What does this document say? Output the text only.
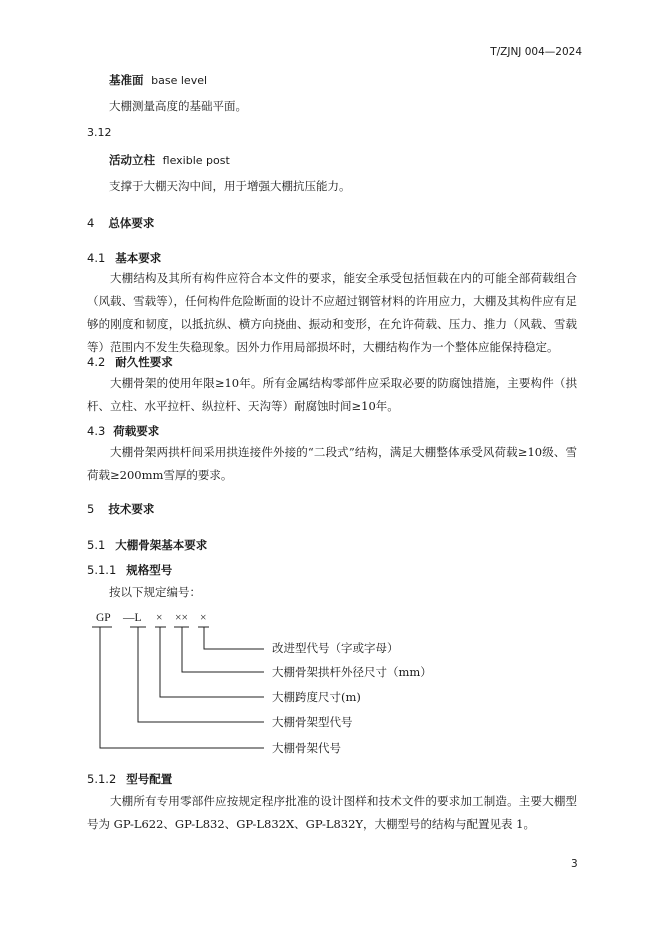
T/ZJNJ 004—2024
基准面 base level
大棚测量高度的基础平面。
3.12
活动立柱 flexible post
支撑于大棚天沟中间，用于增强大棚抗压能力。
4 总体要求
4.1 基本要求
大棚结构及其所有构件应符合本文件的要求，能安全承受包括恒载在内的可能全部荷载组合（风载、雪载等），任何构件危险断面的设计不应超过钢管材料的许用应力，大棚及其构件应有足够的刚度和韧度，以抵抗纵、横方向挠曲、振动和变形，在允许荷载、压力、推力（风载、雪载等）范围内不发生失稳现象。因外力作用局部损坏时，大棚结构作为一个整体应能保持稳定。
4.2 耐久性要求
大棚骨架的使用年限≥10年。所有金属结构零部件应采取必要的防腐蚀措施，主要构件（拱杆、立柱、水平拉杆、纵拉杆、天沟等）耐腐蚀时间≥10年。
4.3 荷载要求
大棚骨架两拱杆间采用拱连接件外接的“二段式”结构，满足大棚整体承受风荷载≥10级、雪荷载≥200mm雪厚的要求。
5 技术要求
5.1 大棚骨架基本要求
5.1.1 规格型号
按以下规定编号：
GP —L × ×× ×
改进型代号（字或字母）
大棚骨架拱杆外径尺寸（mm）
大棚跨度尺寸(m)
大棚骨架型代号
大棚骨架代号
5.1.2 型号配置
大棚所有专用零部件应按规定程序批准的设计图样和技术文件的要求加工制造。主要大棚型号为 GP-L622、GP-L832、GP-L832X、GP-L832Y，大棚型号的结构与配置见表 1。
3
